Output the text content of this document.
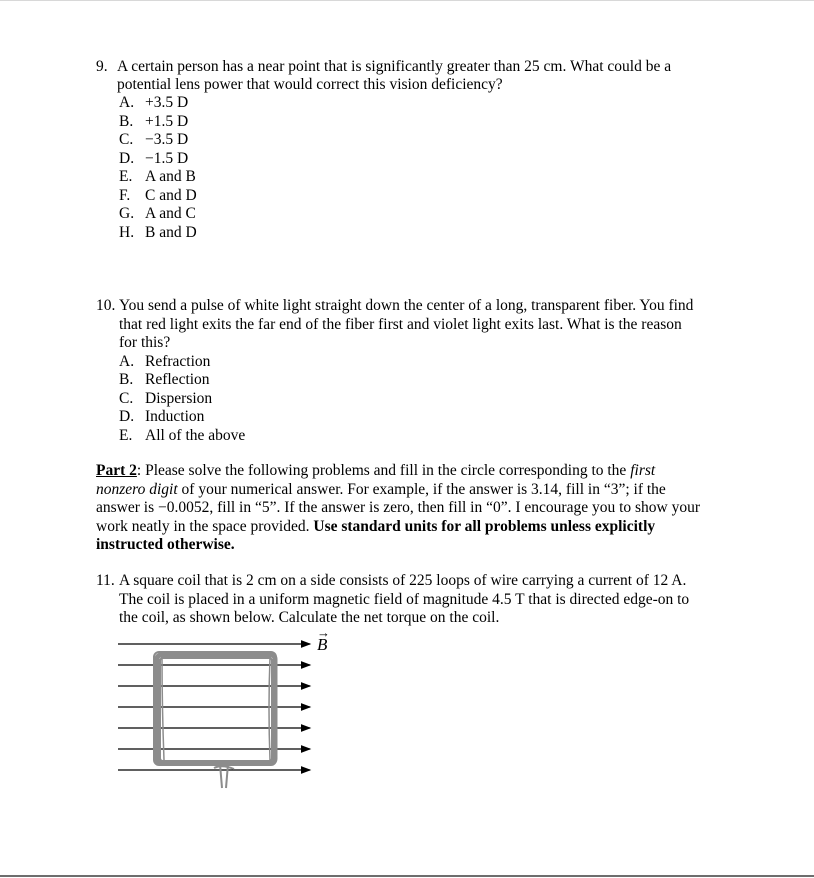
9. A certain person has a near point that is significantly greater than 25 cm. What could be a
potential lens power that would correct this vision deficiency?
A. +3.5 D
B. +1.5 D
C. −3.5 D
D. −1.5 D
E. A and B
F. C and D
G. A and C
H. B and D
10. You send a pulse of white light straight down the center of a long, transparent fiber. You find
that red light exits the far end of the fiber first and violet light exits last. What is the reason
for this?
A. Refraction
B. Reflection
C. Dispersion
D. Induction
E. All of the above
Part 2: Please solve the following problems and fill in the circle corresponding to the first
nonzero digit of your numerical answer. For example, if the answer is 3.14, fill in “3”; if the
answer is −0.0052, fill in “5”. If the answer is zero, then fill in “0”. I encourage you to show your
work neatly in the space provided. Use standard units for all problems unless explicitly
instructed otherwise.
11. A square coil that is 2 cm on a side consists of 225 loops of wire carrying a current of 12 A.
The coil is placed in a uniform magnetic field of magnitude 4.5 T that is directed edge-on to
the coil, as shown below. Calculate the net torque on the coil.
B
→
